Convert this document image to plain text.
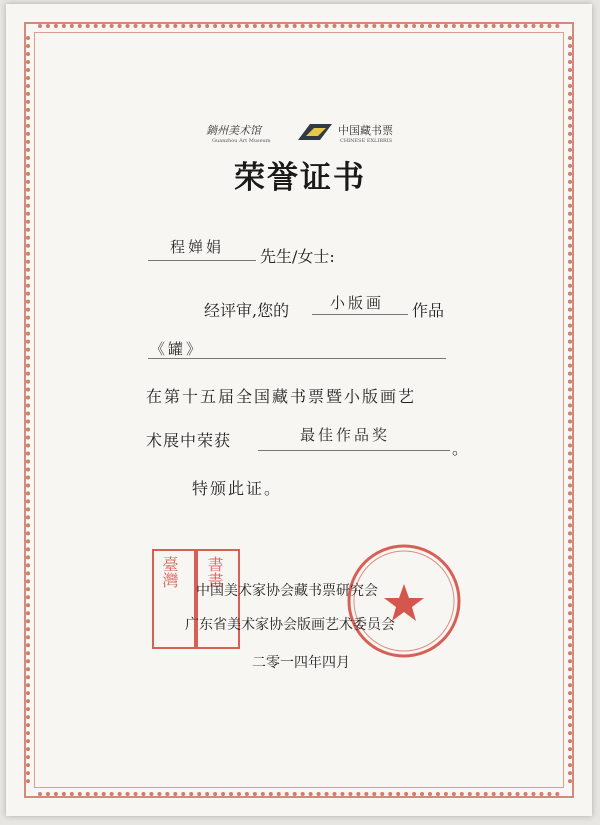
鋿州美术馆
Guanzhou Art Museum
中国藏书票
CHINESE EXLIBRIS
荣誉证书
程婵娟 先生/女士:
经评审,您的	小版画 作品
《罐》
在第十五届全国藏书票暨小版画艺
术展中荣获	最佳作品奖
。
特颁此证。
臺灣 書畫
中国美术家协会藏书票研究会
广东省美术家协会版画艺术委员会
二零一四年四月
